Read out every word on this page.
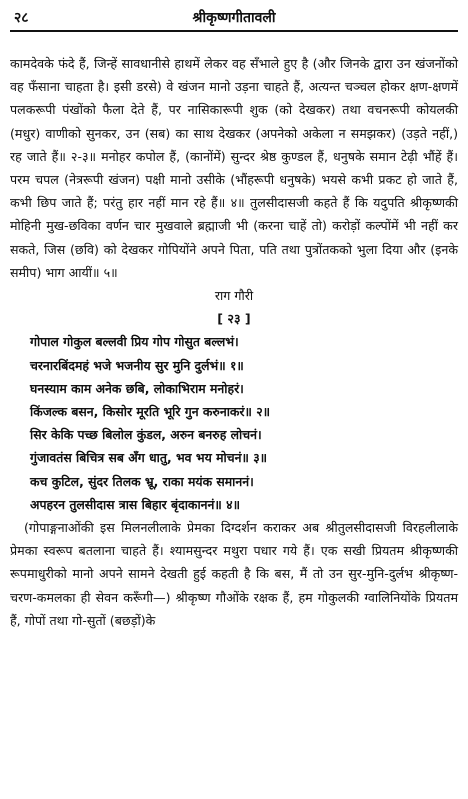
२८	श्रीकृष्णगीतावली

कामदेवके फंदे हैं, जिन्हें सावधानीसे हाथमें लेकर वह सँभाले हुए है (और जिनके द्वारा उन खंजनोंको वह फँसाना चाहता है। इसी डरसे) वे खंजन मानो उड़ना चाहते हैं, अत्यन्त चञ्चल होकर क्षण-क्षणमें पलकरूपी पंखोंको फैला देते हैं, पर नासिकारूपी शुक (को देखकर) तथा वचनरूपी कोयलकी (मधुर) वाणीको सुनकर, उन (सब) का साथ देखकर (अपनेको अकेला न समझकर) (उड़ते नहीं,) रह जाते हैं॥ २-३॥ मनोहर कपोल हैं, (कानोंमें) सुन्दर श्रेष्ठ कुण्डल हैं, धनुषके समान टेढ़ी भौंहें हैं। परम चपल (नेत्ररूपी खंजन) पक्षी मानो उसीके (भौंहरूपी धनुषके) भयसे कभी प्रकट हो जाते हैं, कभी छिप जाते हैं; परंतु हार नहीं मान रहे हैं॥ ४॥ तुलसीदासजी कहते हैं कि यदुपति श्रीकृष्णकी मोहिनी मुख-छविका वर्णन चार मुखवाले ब्रह्माजी भी (करना चाहें तो) करोड़ों कल्पोंमें भी नहीं कर सकते, जिस (छवि) को देखकर गोपियोंने अपने पिता, पति तथा पुत्रोंतकको भुला दिया और (इनके समीप) भाग आयीं॥ ५॥

राग गौरी

[ २३ ]

गोपाल गोकुल बल्लवी प्रिय गोप गोसुत बल्लभं।

चरनारबिंदमहं भजे भजनीय सुर मुनि दुर्लभं॥ १॥

घनस्याम काम अनेक छबि, लोकाभिराम मनोहरं।

किंजल्क बसन, किसोर मूरति भूरि गुन करुनाकरं॥ २॥

सिर केकि पच्छ बिलोल कुंडल, अरुन बनरुह लोचनं।

गुंजावतंस बिचित्र सब अँग धातु, भव भय मोचनं॥ ३॥

कच कुटिल, सुंदर तिलक भ्रू, राका मयंक समाननं।

अपहरन तुलसीदास त्रास बिहार बृंदाकाननं॥ ४॥

(गोपाङ्गनाओंकी इस मिलनलीलाके प्रेमका दिग्दर्शन कराकर अब श्रीतुलसीदासजी विरहलीलाके प्रेमका स्वरूप बतलाना चाहते हैं। श्यामसुन्दर मथुरा पधार गये हैं। एक सखी प्रियतम श्रीकृष्णकी रूपमाधुरीको मानो अपने सामने देखती हुई कहती है कि बस, मैं तो उन सुर-मुनि-दुर्लभ श्रीकृष्ण-चरण-कमलका ही सेवन करूँगी—) श्रीकृष्ण गौओंके रक्षक हैं, हम गोकुलकी ग्वालिनियोंके प्रियतम हैं, गोपों तथा गो-सुतों (बछड़ों)के
